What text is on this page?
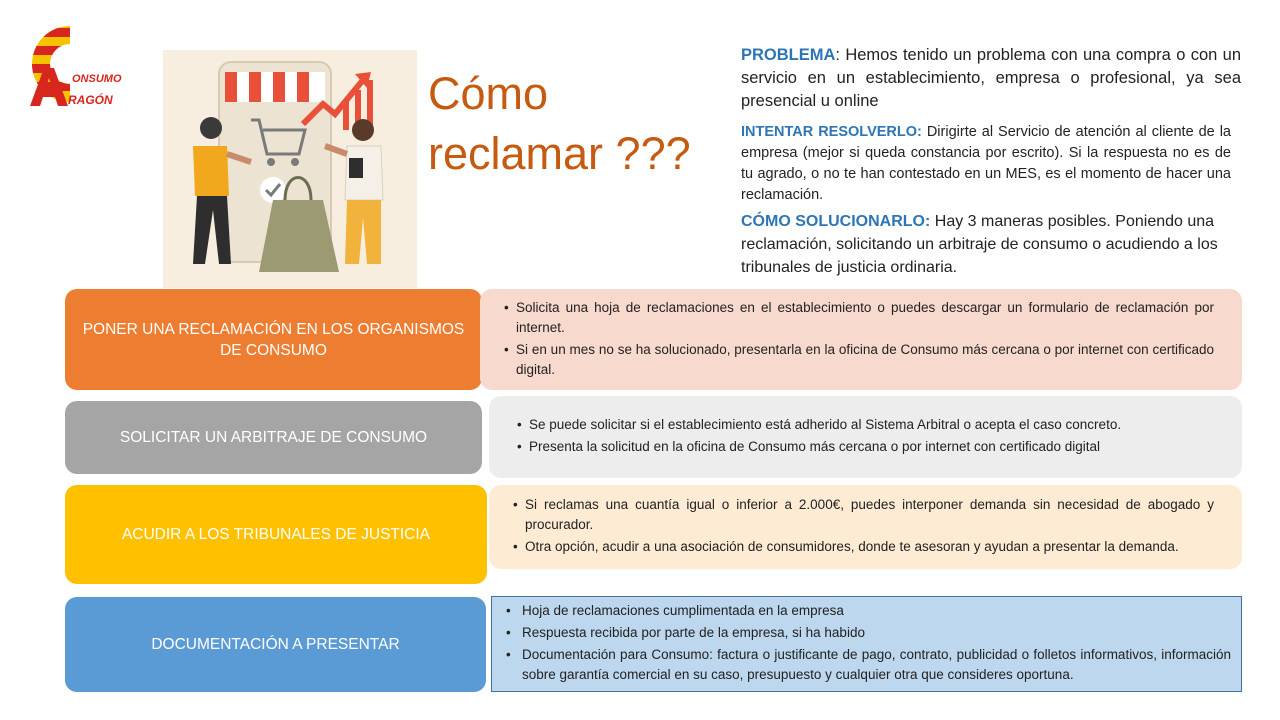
ONSUMO
RAGÓN	Cómo
reclamar ???
PROBLEMA: Hemos tenido un problema con una compra o con un servicio en un establecimiento, empresa o profesional, ya sea presencial u online
INTENTAR RESOLVERLO: Dirigirte al Servicio de atención al cliente de la empresa (mejor si queda constancia por escrito). Si la respuesta no es de tu agrado, o no te han contestado en un MES, es el momento de hacer una reclamación.
CÓMO SOLUCIONARLO: Hay 3 maneras posibles. Poniendo una reclamación, solicitando un arbitraje de consumo o acudiendo a los tribunales de justicia ordinaria.
PONER UNA RECLAMACIÓN EN LOS ORGANISMOS DE CONSUMO
• Solicita una hoja de reclamaciones en el establecimiento o puedes descargar un formulario de reclamación por internet.
• Si en un mes no se ha solucionado, presentarla en la oficina de Consumo más cercana o por internet con certificado digital.
SOLICITAR UN ARBITRAJE DE CONSUMO
• Se puede solicitar si el establecimiento está adherido al Sistema Arbitral o acepta el caso concreto.
• Presenta la solicitud en la oficina de Consumo más cercana o por internet con certificado digital
ACUDIR A LOS TRIBUNALES DE JUSTICIA
• Si reclamas una cuantía igual o inferior a 2.000€, puedes interponer demanda sin necesidad de abogado y procurador.
• Otra opción, acudir a una asociación de consumidores, donde te asesoran y ayudan a presentar la demanda.
DOCUMENTACIÓN A PRESENTAR
• Hoja de reclamaciones cumplimentada en la empresa
• Respuesta recibida por parte de la empresa, si ha habido
• Documentación para Consumo: factura o justificante de pago, contrato, publicidad o folletos informativos, información sobre garantía comercial en su caso, presupuesto y cualquier otra que consideres oportuna.
